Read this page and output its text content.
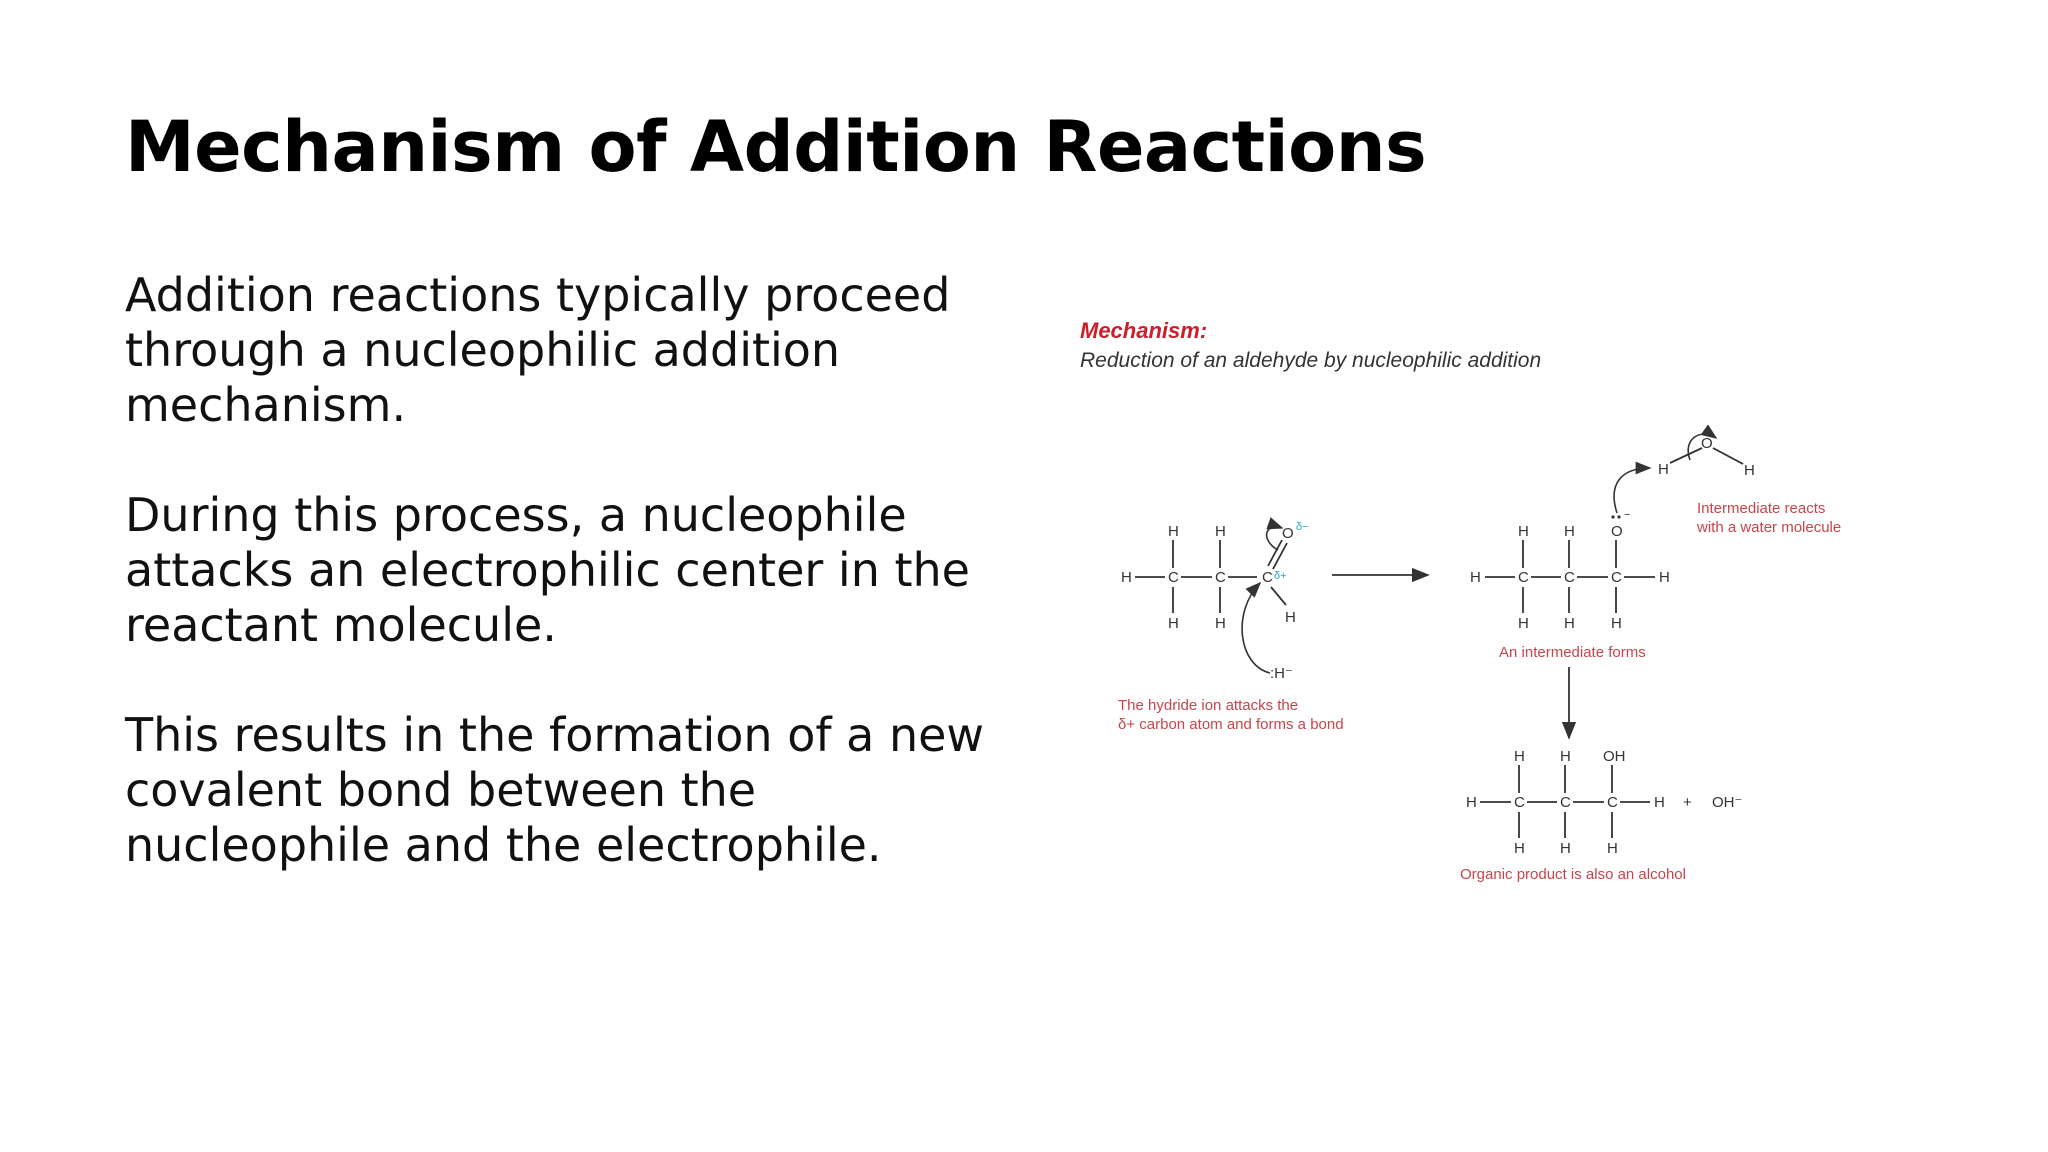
Mechanism of Addition Reactions

Addition reactions typically proceed through a nucleophilic addition mechanism.

During this process, a nucleophile attacks an electrophilic center in the reactant molecule.

This results in the formation of a new covalent bond between the nucleophile and the electrophile.

Mechanism:
Reduction of an aldehyde by nucleophilic addition
H C C C
H H
H H
O
H
δ−
δ+
:H⁻
The hydride ion attacks the
δ+ carbon atom and forms a bond
H C C C H
H H O
H H H
−
H
O
H
Intermediate reacts
with a water molecule
An intermediate forms
H C C C H
H H OH
H H H
+ OH⁻
Organic product is also an alcohol
